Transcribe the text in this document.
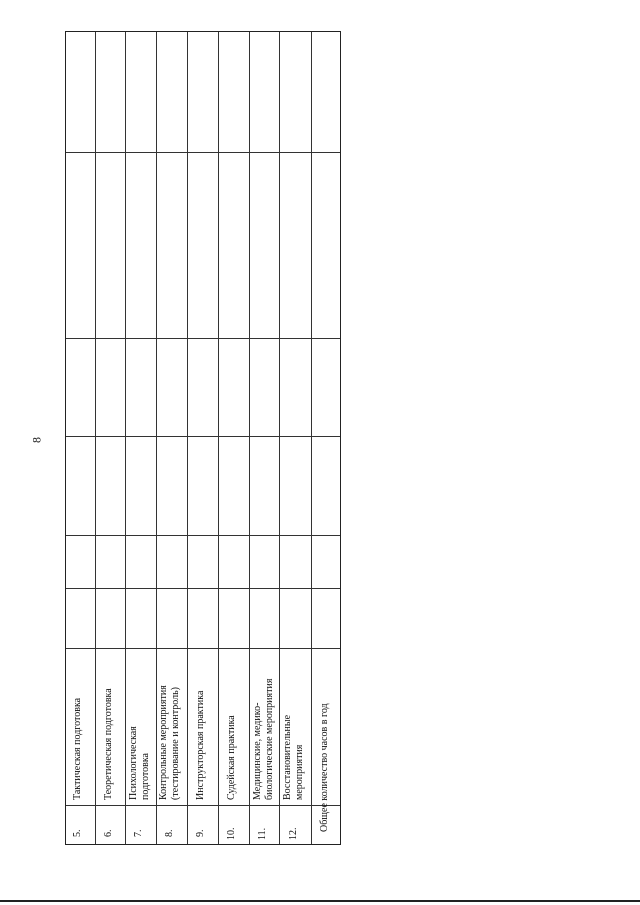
8
5. 6. 7. 8. 9. 10. 11. 12.
Тактическая подготовка Теоретическая подготовка Психологическая подготовка Контрольные мероприятия (тестирование и контроль) Инструкторская практика Судейская практика Медицинские, медико- биологические мероприятия Восстановительные мероприятия Общее количество часов в год
